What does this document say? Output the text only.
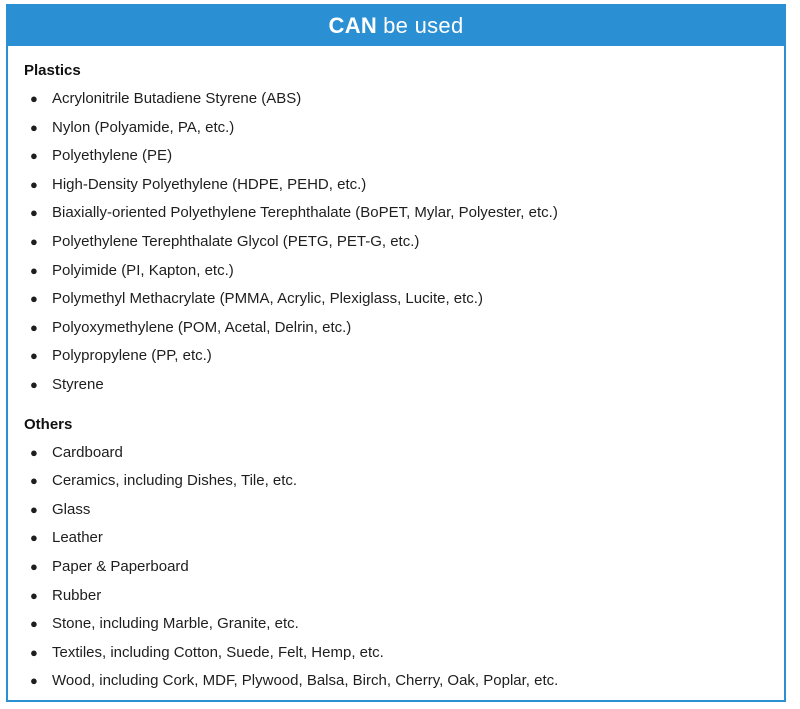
CAN be used
Plastics
● Acrylonitrile Butadiene Styrene (ABS)
● Nylon (Polyamide, PA, etc.)
● Polyethylene (PE)
● High-Density Polyethylene (HDPE, PEHD, etc.)
● Biaxially-oriented Polyethylene Terephthalate (BoPET, Mylar, Polyester, etc.)
● Polyethylene Terephthalate Glycol (PETG, PET-G, etc.)
● Polyimide (PI, Kapton, etc.)
● Polymethyl Methacrylate (PMMA, Acrylic, Plexiglass, Lucite, etc.)
● Polyoxymethylene (POM, Acetal, Delrin, etc.)
● Polypropylene (PP, etc.)
● Styrene
Others
● Cardboard
● Ceramics, including Dishes, Tile, etc.
● Glass
● Leather
● Paper & Paperboard
● Rubber
● Stone, including Marble, Granite, etc.
● Textiles, including Cotton, Suede, Felt, Hemp, etc.
● Wood, including Cork, MDF, Plywood, Balsa, Birch, Cherry, Oak, Poplar, etc.
